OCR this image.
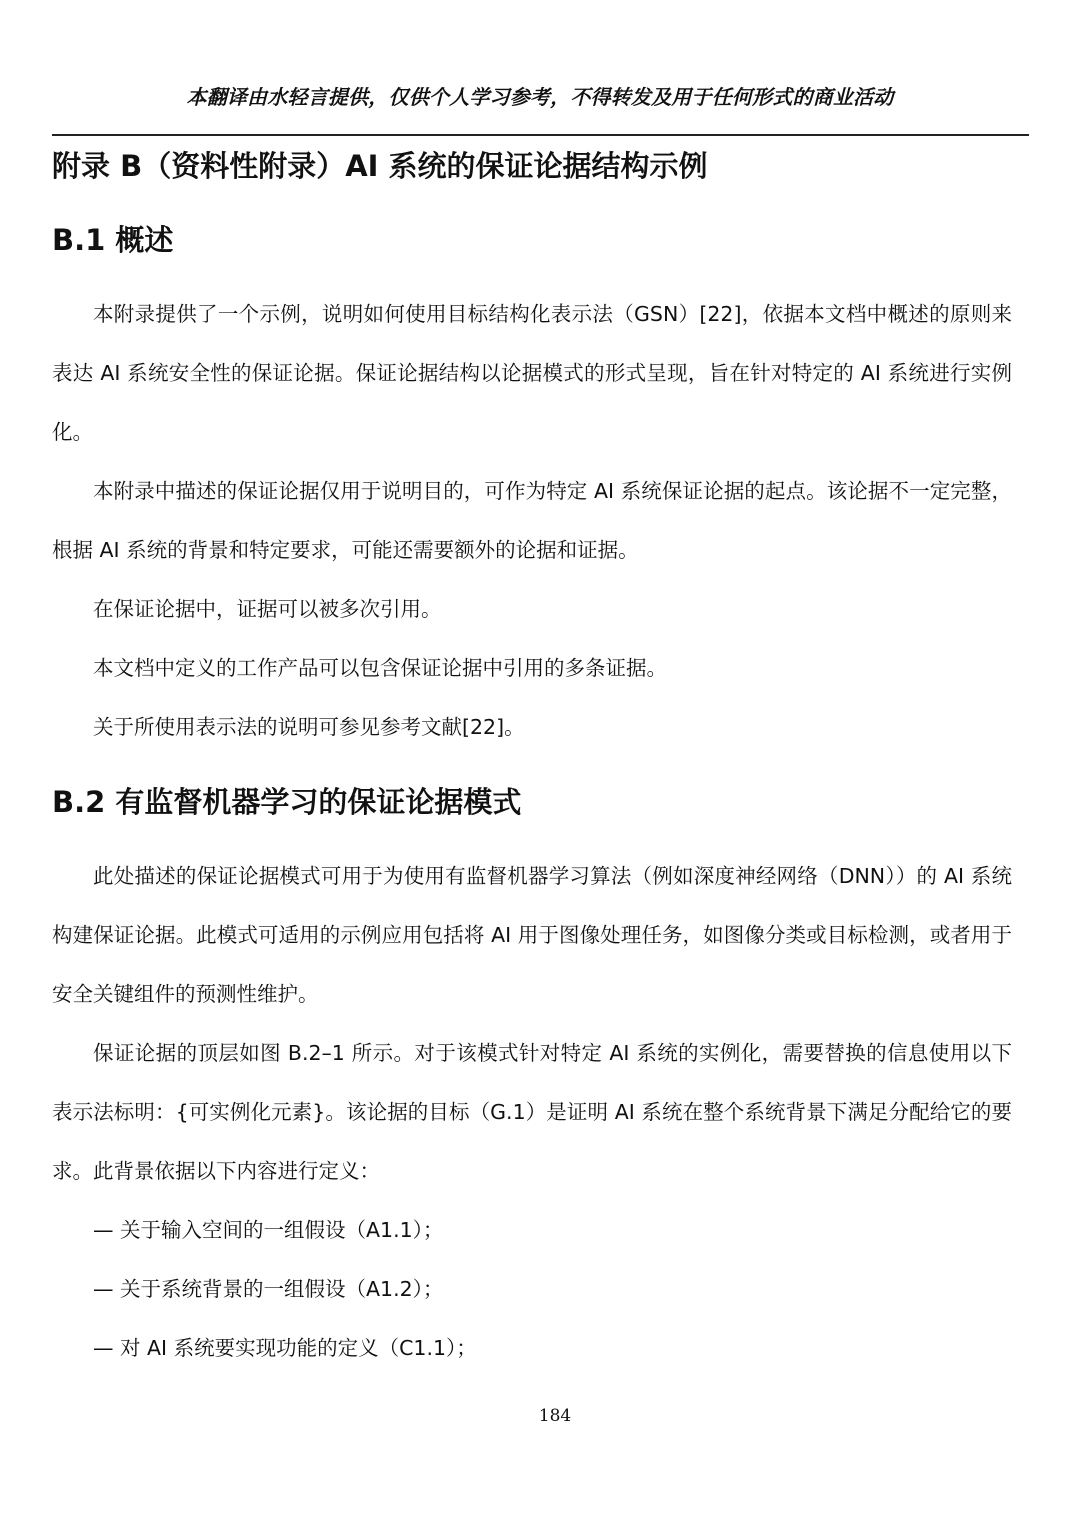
本翻译由水轻言提供，仅供个人学习参考，不得转发及用于任何形式的商业活动
附录 B（资料性附录）AI 系统的保证论据结构示例
B.1 概述

本附录提供了一个示例，说明如何使用目标结构化表示法（GSN）[22]，依据本文档中概述的原则来表达 AI 系统安全性的保证论据。保证论据结构以论据模式的形式呈现，旨在针对特定的 AI 系统进行实例化。

本附录中描述的保证论据仅用于说明目的，可作为特定 AI 系统保证论据的起点。该论据不一定完整，根据 AI 系统的背景和特定要求，可能还需要额外的论据和证据。

在保证论据中，证据可以被多次引用。

本文档中定义的工作产品可以包含保证论据中引用的多条证据。

关于所使用表示法的说明可参见参考文献[22]。

B.2 有监督机器学习的保证论据模式

此处描述的保证论据模式可用于为使用有监督机器学习算法（例如深度神经网络（DNN））的 AI 系统构建保证论据。此模式可适用的示例应用包括将 AI 用于图像处理任务，如图像分类或目标检测，或者用于安全关键组件的预测性维护。

保证论据的顶层如图 B.2–1 所示。对于该模式针对特定 AI 系统的实例化，需要替换的信息使用以下表示法标明：{可实例化元素}。该论据的目标（G.1）是证明 AI 系统在整个系统背景下满足分配给它的要求。此背景依据以下内容进行定义：

— 关于输入空间的一组假设（A1.1）；
— 关于系统背景的一组假设（A1.2）；
— 对 AI 系统要实现功能的定义（C1.1）；
184
